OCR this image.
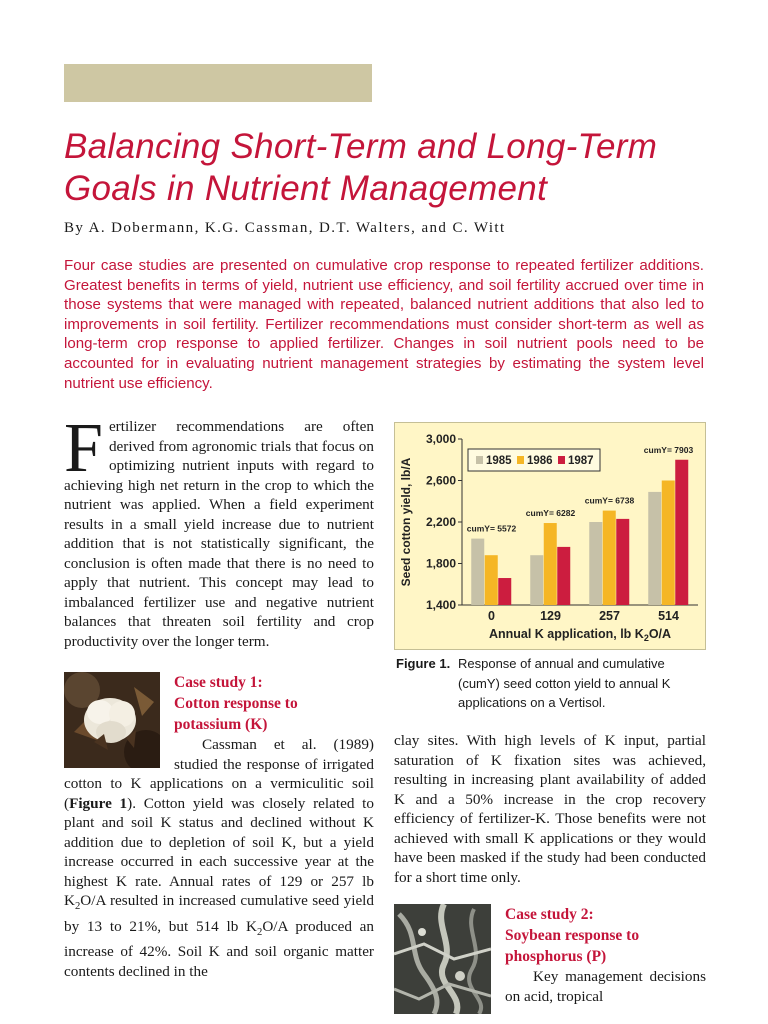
Balancing Short-Term and Long-Term
Goals in Nutrient Management
By A. Dobermann, K.G. Cassman, D.T. Walters, and C. Witt

Four case studies are presented on cumulative crop response to repeated fertilizer additions. Greatest benefits in terms of yield, nutrient use efficiency, and soil fertility accrued over time in those systems that were managed with repeated, balanced nutrient additions that also led to improvements in soil fertility. Fertilizer recommendations must consider short-term as well as long-term crop response to applied fertilizer. Changes in soil nutrient pools need to be accounted for in evaluating nutrient management strategies by estimating the system level nutrient use efficiency.

Fertilizer recommendations are often derived from agronomic trials that focus on optimizing nutrient inputs with regard to achieving high net return in the crop to which the nutrient was applied. When a field experiment results in a small yield increase due to nutrient addition that is not statistically significant, the conclusion is often made that there is no need to apply that nutrient. This concept may lead to imbalanced fertilizer use and negative nutrient balances that threaten soil fertility and crop productivity over the longer term.

Case study 1:
Cotton response to
potassium (K)

Cassman et al. (1989) studied the response of irrigated cotton to K applications on a vermiculitic soil (Figure 1). Cotton yield was closely related to plant and soil K status and declined without K addition due to depletion of soil K, but a yield increase occurred in each successive year at the highest K rate. Annual rates of 129 or 257 lb $K_2O/A$ resulted in increased cumulative seed yield by 13 to 21%, but 514 lb $K_2O/A$ produced an increase of 42%. Soil K and soil organic matter contents declined in the

1,400
1,800
2,200
2,600
3,000
Seed cotton yield, lb/A
0
cumY= 5572
129
cumY= 6282
257
cumY= 6738
514
cumY= 7903
Annual K application, lb $K_2O/A$
1985 1986 1987
Figure 1. Response of annual and cumulative (cumY) seed cotton yield to annual K applications on a Vertisol.

clay sites. With high levels of K input, partial saturation of K fixation sites was achieved, resulting in increasing plant availability of added K and a 50% increase in the crop recovery efficiency of fertilizer-K. Those benefits were not achieved with small K applications or they would have been masked if the study had been conducted for a short time only.

Case study 2:
Soybean response to
phosphorus (P)

Key management decisions on acid, tropical
